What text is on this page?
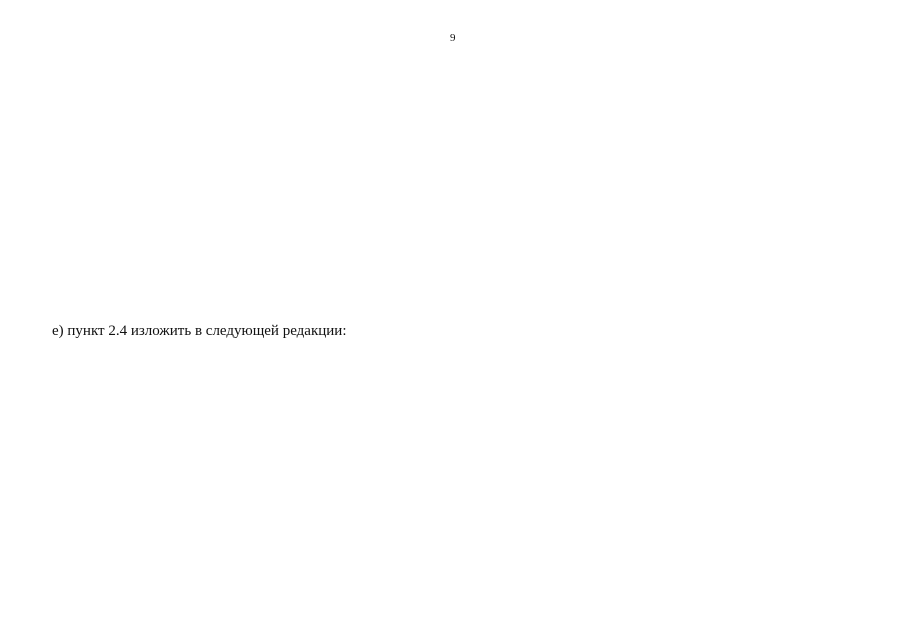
9
е) пункт 2.4 изложить в следующей редакции:
